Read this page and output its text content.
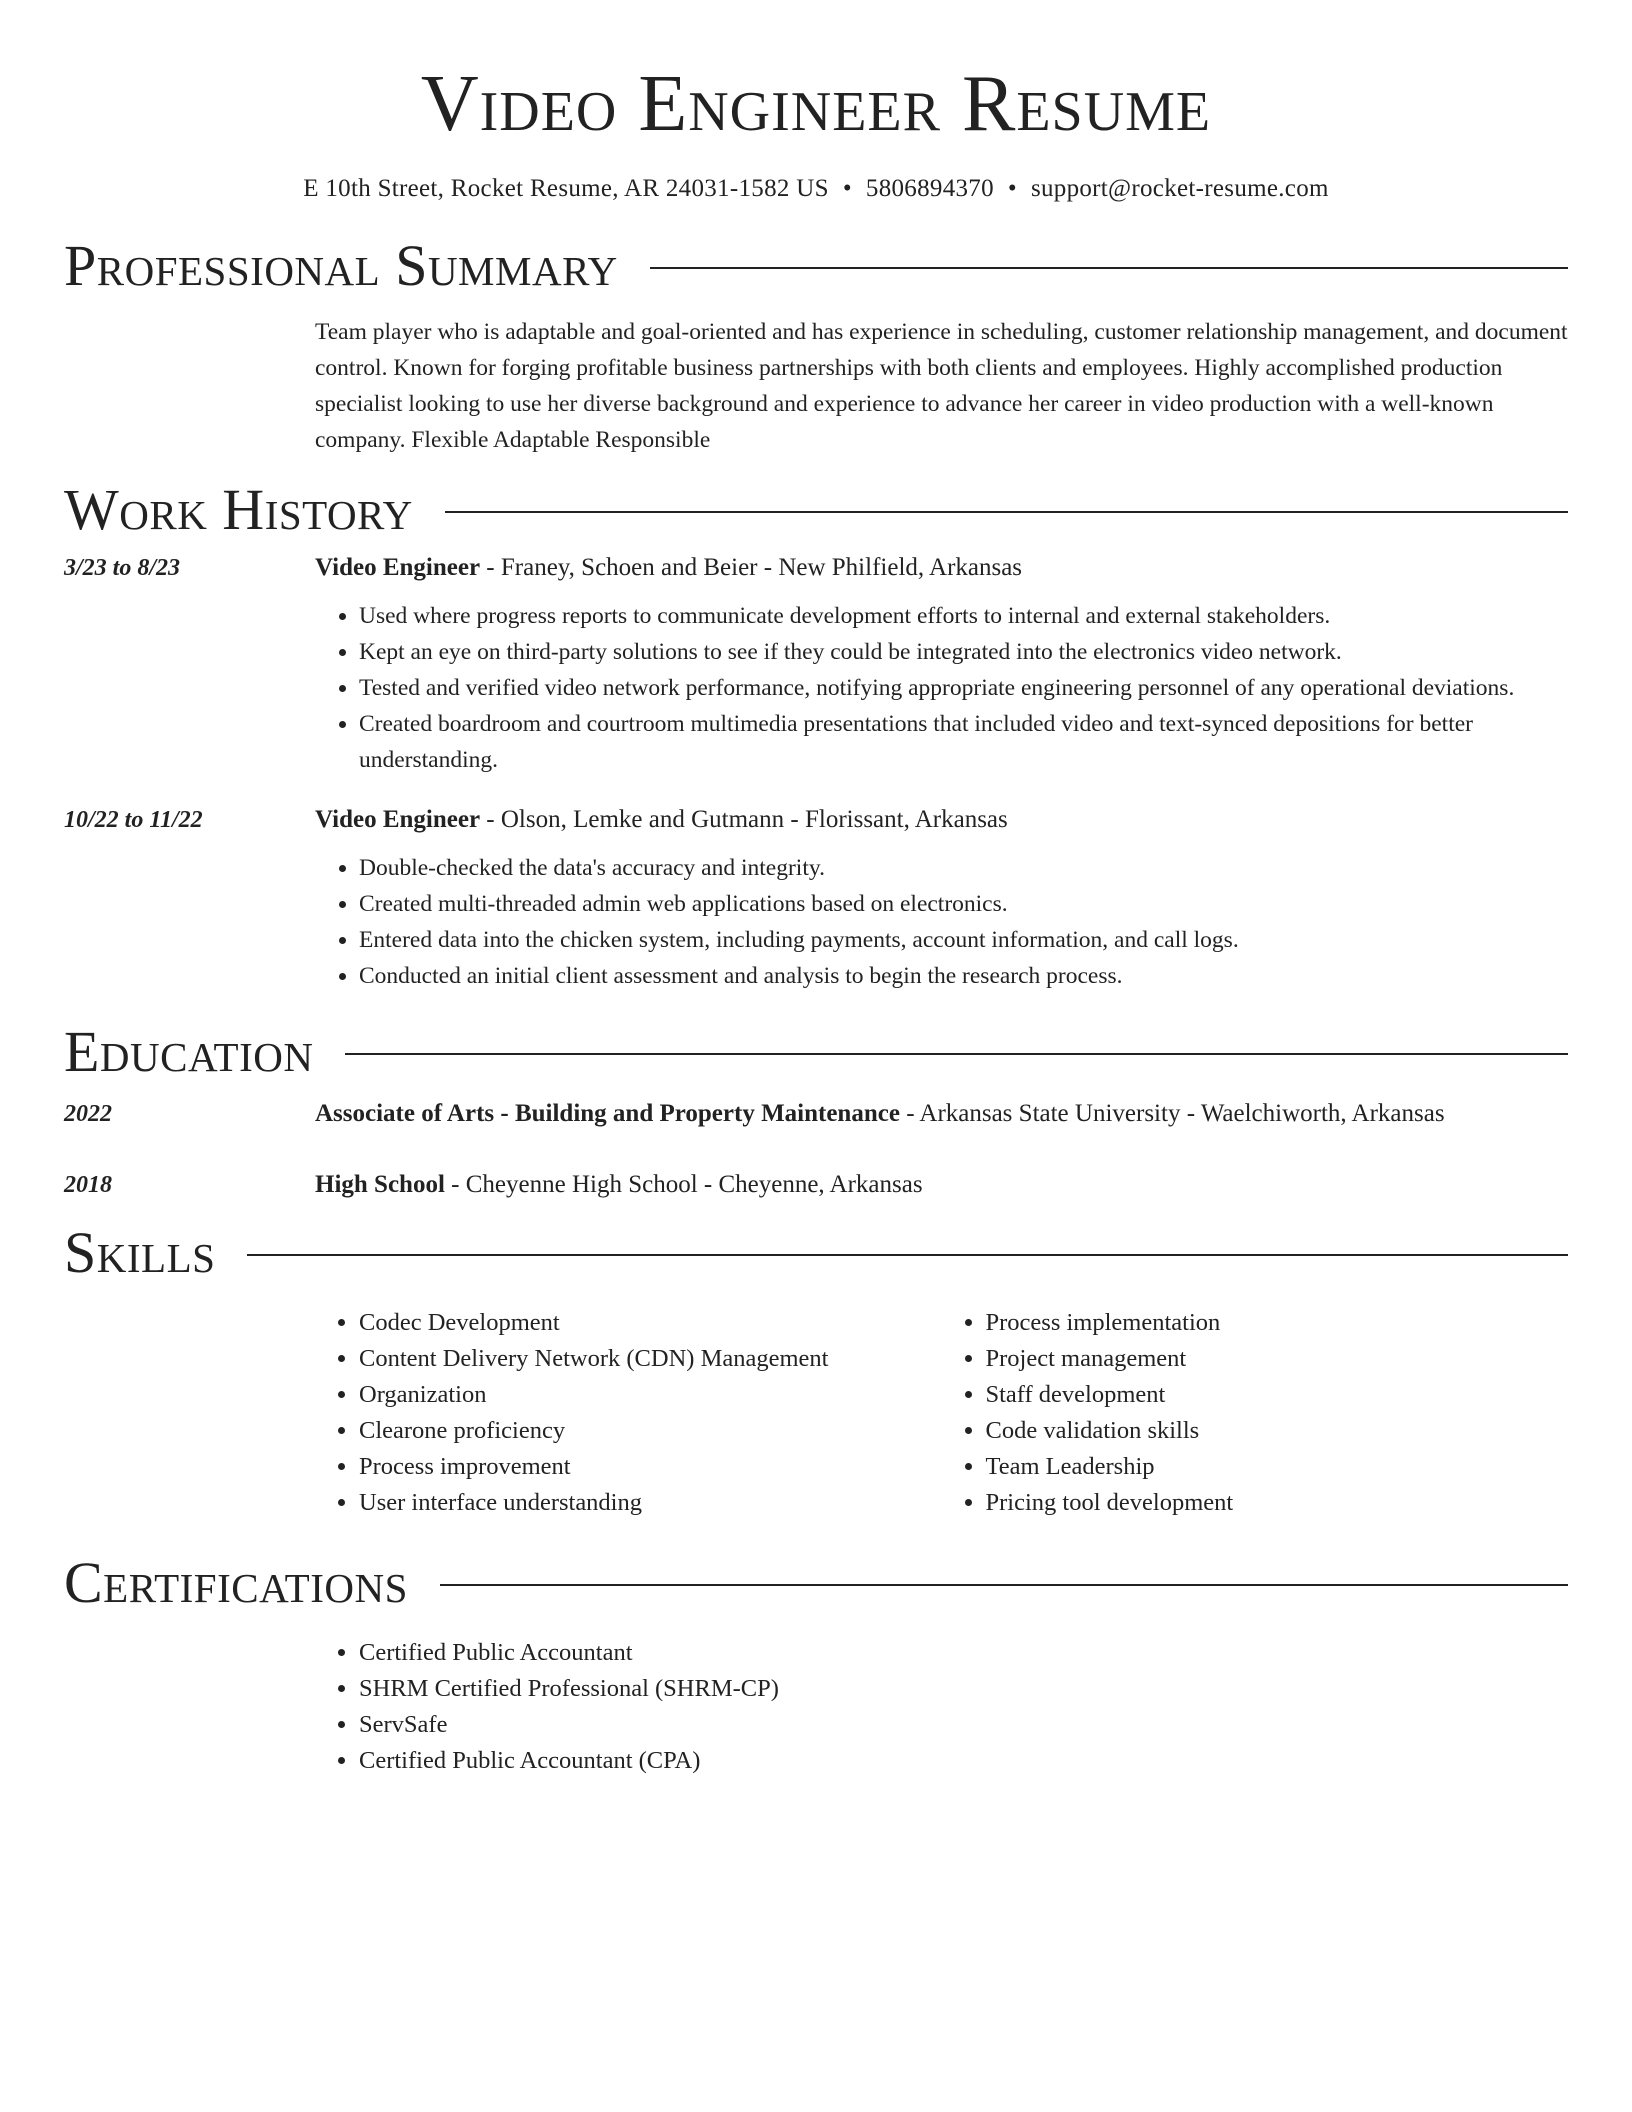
Video Engineer Resume
E 10th Street, Rocket Resume, AR 24031-1582 US • 5806894370 • support@rocket-resume.com
Professional Summary
Team player who is adaptable and goal-oriented and has experience in scheduling, customer relationship management, and document control. Known for forging profitable business partnerships with both clients and employees. Highly accomplished production specialist looking to use her diverse background and experience to advance her career in video production with a well-known company. Flexible Adaptable Responsible
Work History
3/23 to 8/23	Video Engineer - Franey, Schoen and Beier - New Philfield, Arkansas
• Used where progress reports to communicate development efforts to internal and external stakeholders.
• Kept an eye on third-party solutions to see if they could be integrated into the electronics video network.
• Tested and verified video network performance, notifying appropriate engineering personnel of any operational deviations.
• Created boardroom and courtroom multimedia presentations that included video and text-synced depositions for better understanding.
10/22 to 11/22	Video Engineer - Olson, Lemke and Gutmann - Florissant, Arkansas
• Double-checked the data's accuracy and integrity.
• Created multi-threaded admin web applications based on electronics.
• Entered data into the chicken system, including payments, account information, and call logs.
• Conducted an initial client assessment and analysis to begin the research process.
Education
2022	Associate of Arts - Building and Property Maintenance - Arkansas State University - Waelchiworth, Arkansas
2018	High School - Cheyenne High School - Cheyenne, Arkansas
Skills
• Codec Development
• Content Delivery Network (CDN) Management
• Organization
• Clearone proficiency
• Process improvement
• User interface understanding
• Process implementation
• Project management
• Staff development
• Code validation skills
• Team Leadership
• Pricing tool development
Certifications
• Certified Public Accountant
• SHRM Certified Professional (SHRM-CP)
• ServSafe
• Certified Public Accountant (CPA)
